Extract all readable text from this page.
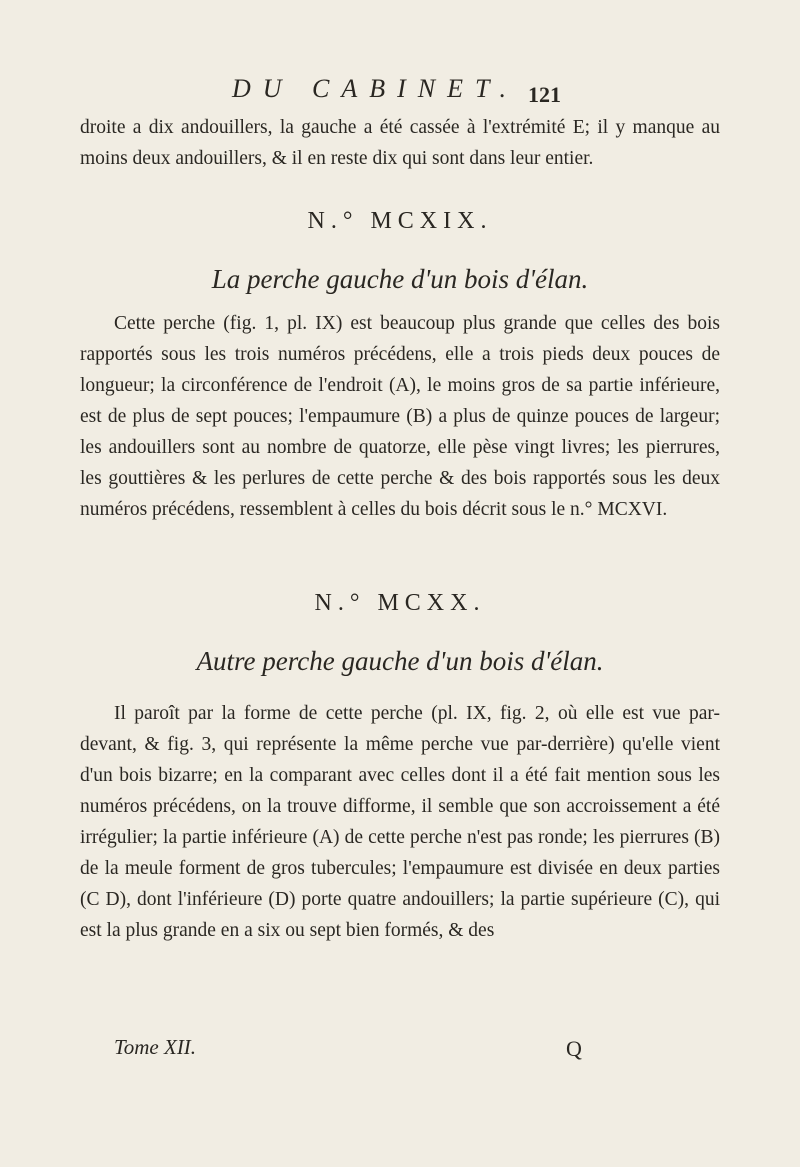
DU CABINET. 121

droite a dix andouillers, la gauche a été cassée à l'extrémité E; il y manque au moins deux andouillers, & il en reste dix qui sont dans leur entier.

N.° MCXIX.
La perche gauche d'un bois d'élan.

Cette perche (fig. 1, pl. IX) est beaucoup plus grande que celles des bois rapportés sous les trois numéros précédens, elle a trois pieds deux pouces de longueur; la circonférence de l'endroit (A), le moins gros de sa partie inférieure, est de plus de sept pouces; l'empaumure (B) a plus de quinze pouces de largeur; les andouillers sont au nombre de quatorze, elle pèse vingt livres; les pierrures, les gouttières & les perlures de cette perche & des bois rapportés sous les deux numéros précédens, ressemblent à celles du bois décrit sous le n.° MCXVI.

N.° MCXX.
Autre perche gauche d'un bois d'élan.

Il paroît par la forme de cette perche (pl. IX, fig. 2, où elle est vue par-devant, & fig. 3, qui représente la même perche vue par-derrière) qu'elle vient d'un bois bizarre; en la comparant avec celles dont il a été fait mention sous les numéros précédens, on la trouve difforme, il semble que son accroissement a été irrégulier; la partie inférieure (A) de cette perche n'est pas ronde; les pierrures (B) de la meule forment de gros tubercules; l'empaumure est divisée en deux parties (C D), dont l'inférieure (D) porte quatre andouillers; la partie supérieure (C), qui est la plus grande en a six ou sept bien formés, & des

Tome XII.	Q
